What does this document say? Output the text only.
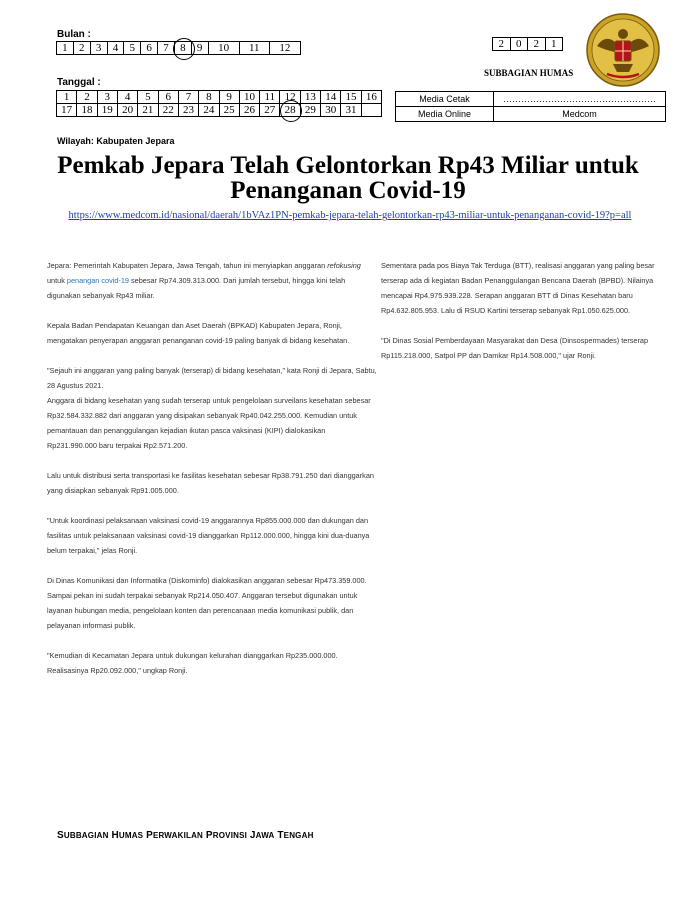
Bulan :
1	2	3	4	5	6	7	8	9	10	11	12	2	0	2	1
SUBBAGIAN HUMAS
Tanggal :
1	2	3	4	5	6	7	8	9	10	11	12	13	14	15	16
17	18	19	20	21	22	23	24	25	26	27	28	29	30	31	
Media Cetak	……………………………………………
Media Online	Medcom
Wilayah: Kabupaten Jepara
Pemkab Jepara Telah Gelontorkan Rp43 Miliar untuk Penanganan Covid-19
https://www.medcom.id/nasional/daerah/1bVAz1PN-pemkab-jepara-telah-gelontorkan-rp43-miliar-untuk-penanganan-covid-19?p=all

Jepara: Pemerintah Kabupaten Jepara, Jawa Tengah, tahun ini menyiapkan anggaran refokusing untuk penangan covid-19 sebesar Rp74.309.313.000. Dari jumlah tersebut, hingga kini telah digunakan sebanyak Rp43 miliar.

Kepala Badan Pendapatan Keuangan dan Aset Daerah (BPKAD) Kabupaten Jepara, Ronji, mengatakan penyerapan anggaran penanganan covid-19 paling banyak di bidang kesehatan.

"Sejauh ini anggaran yang paling banyak (terserap) di bidang kesehatan," kata Ronji di Jepara, Sabtu, 28 Agustus 2021.

Anggara di bidang kesehatan yang sudah terserap untuk pengelolaan surveilans kesehatan sebesar Rp32.584.332.882 dari anggaran yang disipakan sebanyak Rp40.042.255.000. Kemudian untuk pemantauan dan penanggulangan kejadian ikutan pasca vaksinasi (KIPI) dialokasikan Rp231.990.000 baru terpakai Rp2.571.200.

Lalu untuk distribusi serta transportasi ke fasilitas kesehatan sebesar Rp38.791.250 dari dianggarkan yang disiapkan sebanyak Rp91.005.000.

"Untuk koordinasi pelaksanaan vaksinasi covid-19 anggarannya Rp855.000.000 dan dukungan dan fasilitas untuk pelaksanaan vaksinasi covid-19 dianggarkan Rp112.000.000, hingga kini dua-duanya belum terpakai," jelas Ronji.

Di Dinas Komunikasi dan Informatika (Diskominfo) dialokasikan anggaran sebesar Rp473.359.000. Sampai pekan ini sudah terpakai sebanyak Rp214.050.407. Anggaran tersebut digunakan untuk layanan hubungan media, pengelolaan konten dan perencanaan media komunikasi publik, dan pelayanan informasi publik.

"Kemudian di Kecamatan Jepara untuk dukungan kelurahan dianggarkan Rp235.000.000. Realisasinya Rp20.092.000," ungkap Ronji.

Sementara pada pos Biaya Tak Terduga (BTT), realisasi anggaran yang paling besar terserap ada di kegiatan Badan Penanggulangan Bencana Daerah (BPBD). Nilainya mencapai Rp4.975.939.228. Serapan anggaran BTT di Dinas Kesehatan baru Rp4.632.805.953. Lalu di RSUD Kartini terserap sebanyak Rp1.050.625.000.

"Di Dinas Sosial Pemberdayaan Masyarakat dan Desa (Dinsospermades) terserap Rp115.218.000, Satpol PP dan Damkar Rp14.508.000," ujar Ronji.

SUBBAGIAN HUMAS PERWAKILAN PROVINSI JAWA TENGAH
